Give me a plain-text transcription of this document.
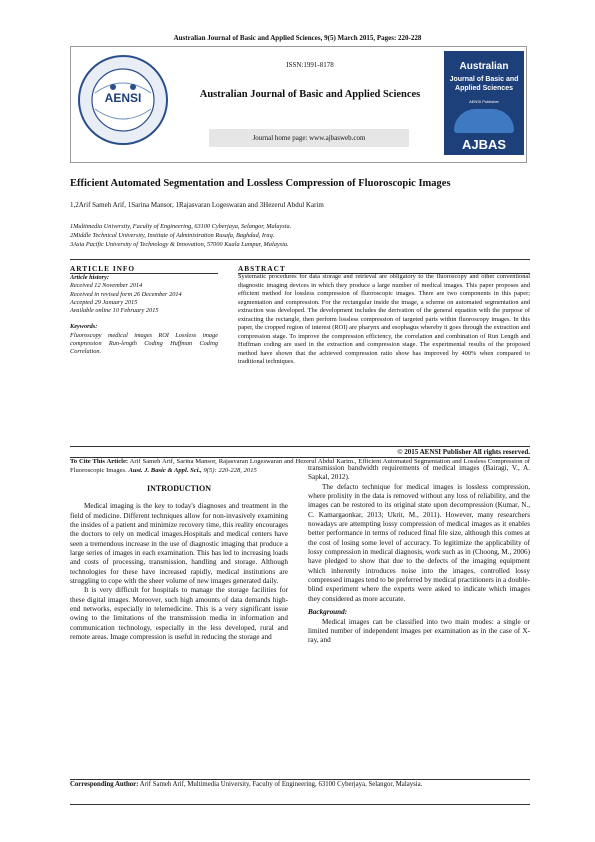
Australian Journal of Basic and Applied Sciences, 9(5) March 2015, Pages: 220-228
AENSI
ISSN:1991-8178
Australian Journal of Basic and Applied Sciences
Journal home page: www.ajbasweb.com
Australian
Journal of Basic and Applied Sciences
AENSI Publisher
AJBAS
Efficient Automated Segmentation and Lossless Compression of Fluoroscopic Images
1,2Arif Sameh Arif, 1Sarina Mansor, 1Rajasvaran Logeswaran and 3Hezerul Abdul Karim
1Multimedia University, Faculty of Engineering, 63100 Cyberjaya, Selangor, Malaysia.
2Middle Technical University, Institute of Administration Rusafa, Baghdad, Iraq.
3Asia Pacific University of Technology & Innovation, 57000 Kuala Lumpur, Malaysia.
ARTICLE INFO	ABSTRACT
Article history:
Received 12 November 2014
Received in revised form 26 December 2014
Accepted 29 January 2015
Available online 10 February 2015
Keywords:
Fluoroscopy medical images ROI Lossless image compression Run-length Coding Huffman Coding Correlation.
Systematic procedures for data storage and retrieval are obligatory to the fluoroscopy and other conventional diagnostic imaging devices in which they produce a large number of medical images. This paper proposes and efficient method for lossless compression of fluoroscopic images. There are two components in this paper; segmentation and compression. For the rectangular inside the image, a scheme on automated segmentation and extraction was developed. The development includes the derivation of the general equation with the purpose of extracting the rectangle, then perform lossless compression of targeted parts within fluoroscopy images. In this paper, the cropped region of interest (ROI) are pharynx and esophagus whereby it goes through the extraction and compression stage. To improve the compression efficiency, the correlation and combination of Run Length and Huffman coding are used in the extraction and compression stage. The experimental results of the proposed method have shown that the achieved compression ratio show has improved by 400% when compared to traditional techniques.
© 2015 AENSI Publisher All rights reserved.
To Cite This Article: Arif Sameh Arif, Sarina Mansor, Rajasvaran Logeswaran and Hezerul Abdul Karim., Efficient Automated Segmentation and Lossless Compression of Fluoroscopic Images. Aust. J. Basic & Appl. Sci., 9(5): 220-228, 2015

INTRODUCTION

Medical imaging is the key to today's diagnoses and treatment in the field of medicine. Different techniques allow for non-invasively examining the insides of a patient and minimize recovery time, this reality encourages the doctors to rely on medical images.Hospitals and medical centers have seen a tremendous increase in the use of diagnostic imaging that produce a large series of images in each examination. This has led to increasing loads and costs of processing, transmission, handling and storage. Although technologies for these have increased rapidly, medical institutions are struggling to cope with the sheer volume of new images generated daily.

It is very difficult for hospitals to manage the storage facilities for these digital images. Moreover, such high amounts of data demands high-end networks, especially in telemedicine. This is a very significant issue owing to the limitations of the transmission media in information and communication technology, especially in the less developed, rural and remote areas. Image compression is useful in reducing the storage and

transmission bandwidth requirements of medical images (Bairagi, V., A. Sapkal, 2012).

The defacto technique for medical images is lossless compression, where prolixity in the data is removed without any loss of reliability, and the images can be restored to its original state upon decompression (Kumar, N., C. Kamargaonkar, 2013; Ukrit, M., 2011). However, many researchers nowadays are attempting lossy compression of medical images as it enables better performance in terms of reduced final file size, although this comes at the cost of losing some level of accuracy. To legitimize the applicability of lossy compression in medical diagnosis, work such as in (Choong, M., 2006) have pledged to show that due to the defects of the imaging equipment which inherently introduces noise into the images, controlled lossy compressed images tend to be preferred by medical practitioners in a double-blind experiment where the experts were asked to indicate which images they considered as more accurate.

Background:

Medical images can be classified into two main modes: a single or limited number of independent images per examination as in the case of X-ray, and

Corresponding Author: Arif Sameh Arif, Multimedia University, Faculty of Engineering, 63100 Cyberjaya, Selangor, Malaysia.
